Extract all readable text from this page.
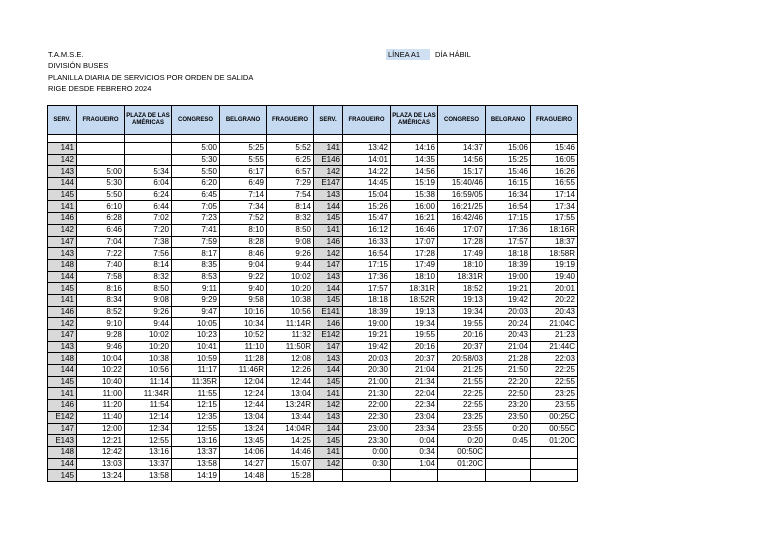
T.A.M.S.E.
DIVISIÓN BUSES
PLANILLA DIARIA DE SERVICIOS POR ORDEN DE SALIDA
RIGE DESDE FEBRERO 2024
LÍNEA A1	DÍA HÁBIL
SERV.	FRAGUEIRO	PLAZA DE LAS AMÉRICAS	CONGRESO	BELGRANO	FRAGUEIRO	SERV.	FRAGUEIRO	PLAZA DE LAS AMÉRICAS	CONGRESO	BELGRANO	FRAGUEIRO

141			5:00	5:25	5:52	141	13:42	14:16	14:37	15:06	15:46
142			5:30	5:55	6:25	E146	14:01	14:35	14:56	15:25	16:05
143	5:00	5:34	5:50	6:17	6:57	142	14:22	14:56	15:17	15:46	16:26
144	5:30	6:04	6:20	6:49	7:29	E147	14:45	15:19	15:40/46	16:15	16:55
145	5:50	6:24	6:45	7:14	7:54	143	15:04	15:38	16:59/05	16:34	17:14
141	6:10	6:44	7:05	7:34	8:14	144	15:26	16:00	16:21/25	16:54	17:34
146	6:28	7:02	7:23	7:52	8:32	145	15:47	16:21	16:42/46	17:15	17:55
142	6:46	7:20	7:41	8:10	8:50	141	16:12	16:46	17:07	17:36	18:16R
147	7:04	7:38	7:59	8:28	9:08	146	16:33	17:07	17:28	17:57	18:37
143	7:22	7:56	8:17	8:46	9:26	142	16:54	17:28	17:49	18:18	18:58R
148	7:40	8:14	8:35	9:04	9:44	147	17:15	17:49	18:10	18:39	19:19
144	7:58	8:32	8:53	9:22	10:02	143	17:36	18:10	18:31R	19:00	19:40
145	8:16	8:50	9:11	9:40	10:20	144	17:57	18:31R	18:52	19:21	20:01
141	8:34	9:08	9:29	9:58	10:38	145	18:18	18:52R	19:13	19:42	20:22
146	8:52	9:26	9:47	10:16	10:56	E141	18:39	19:13	19:34	20:03	20:43
142	9:10	9:44	10:05	10:34	11:14R	146	19:00	19:34	19:55	20:24	21:04C
147	9:28	10:02	10:23	10:52	11:32	E142	19:21	19:55	20:16	20:43	21:23
143	9:46	10:20	10:41	11:10	11:50R	147	19:42	20:16	20:37	21:04	21:44C
148	10:04	10:38	10:59	11:28	12:08	143	20:03	20:37	20:58/03	21:28	22:03
144	10:22	10:56	11:17	11:46R	12:26	144	20:30	21:04	21:25	21:50	22:25
145	10:40	11:14	11:35R	12:04	12:44	145	21:00	21:34	21:55	22:20	22:55
141	11:00	11:34R	11:55	12:24	13:04	141	21:30	22:04	22:25	22:50	23:25
146	11:20	11:54	12:15	12:44	13:24R	142	22:00	22:34	22:55	23:20	23:55
E142	11:40	12:14	12:35	13:04	13:44	143	22:30	23:04	23:25	23:50	00:25C
147	12:00	12:34	12:55	13:24	14:04R	144	23:00	23:34	23:55	0:20	00:55C
E143	12:21	12:55	13:16	13:45	14:25	145	23:30	0:04	0:20	0:45	01:20C
148	12:42	13:16	13:37	14:06	14:46	141	0:00	0:34	00:50C		
144	13:03	13:37	13:58	14:27	15:07	142	0:30	1:04	01:20C		
145	13:24	13:58	14:19	14:48	15:28						
